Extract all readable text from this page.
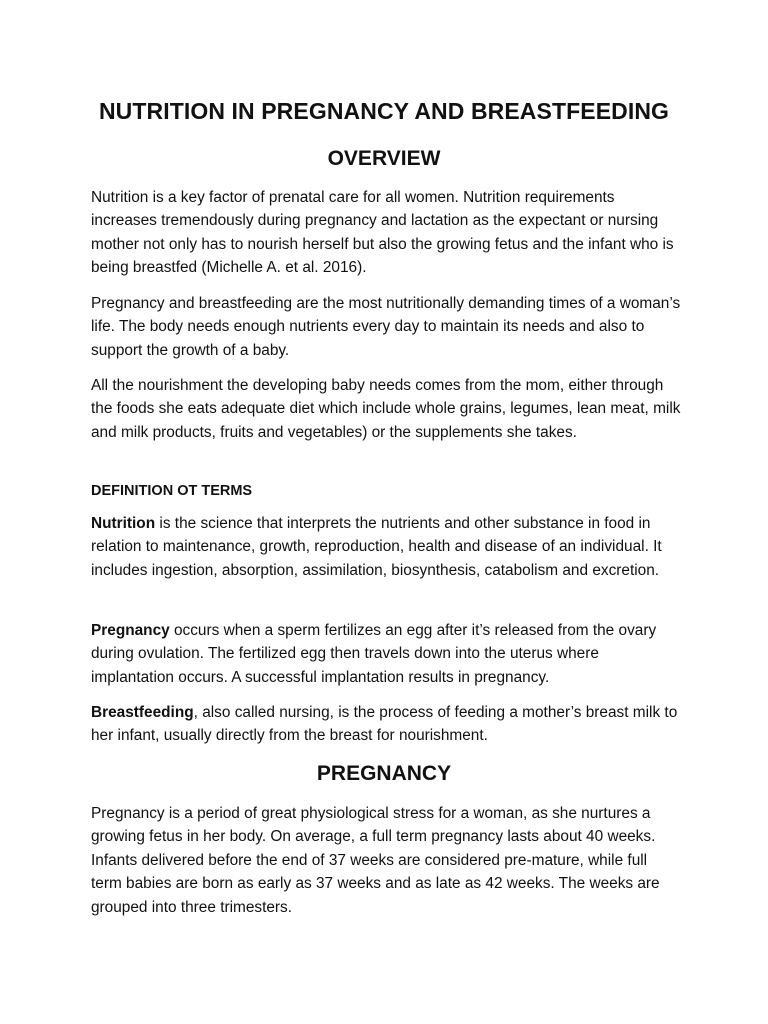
NUTRITION IN PREGNANCY AND BREASTFEEDING
OVERVIEW

Nutrition is a key factor of prenatal care for all women. Nutrition requirements increases tremendously during pregnancy and lactation as the expectant or nursing mother not only has to nourish herself but also the growing fetus and the infant who is being breastfed (Michelle A. et al. 2016).

Pregnancy and breastfeeding are the most nutritionally demanding times of a woman’s life. The body needs enough nutrients every day to maintain its needs and also to support the growth of a baby.

All the nourishment the developing baby needs comes from the mom, either through the foods she eats adequate diet which include whole grains, legumes, lean meat, milk and milk products, fruits and vegetables) or the supplements she takes.

DEFINITION OT TERMS

Nutrition is the science that interprets the nutrients and other substance in food in relation to maintenance, growth, reproduction, health and disease of an individual. It includes ingestion, absorption, assimilation, biosynthesis, catabolism and excretion.

Pregnancy occurs when a sperm fertilizes an egg after it’s released from the ovary during ovulation. The fertilized egg then travels down into the uterus where implantation occurs. A successful implantation results in pregnancy.

Breastfeeding, also called nursing, is the process of feeding a mother’s breast milk to her infant, usually directly from the breast for nourishment.

PREGNANCY

Pregnancy is a period of great physiological stress for a woman, as she nurtures a growing fetus in her body. On average, a full term pregnancy lasts about 40 weeks. Infants delivered before the end of 37 weeks are considered pre-mature, while full term babies are born as early as 37 weeks and as late as 42 weeks. The weeks are grouped into three trimesters.
